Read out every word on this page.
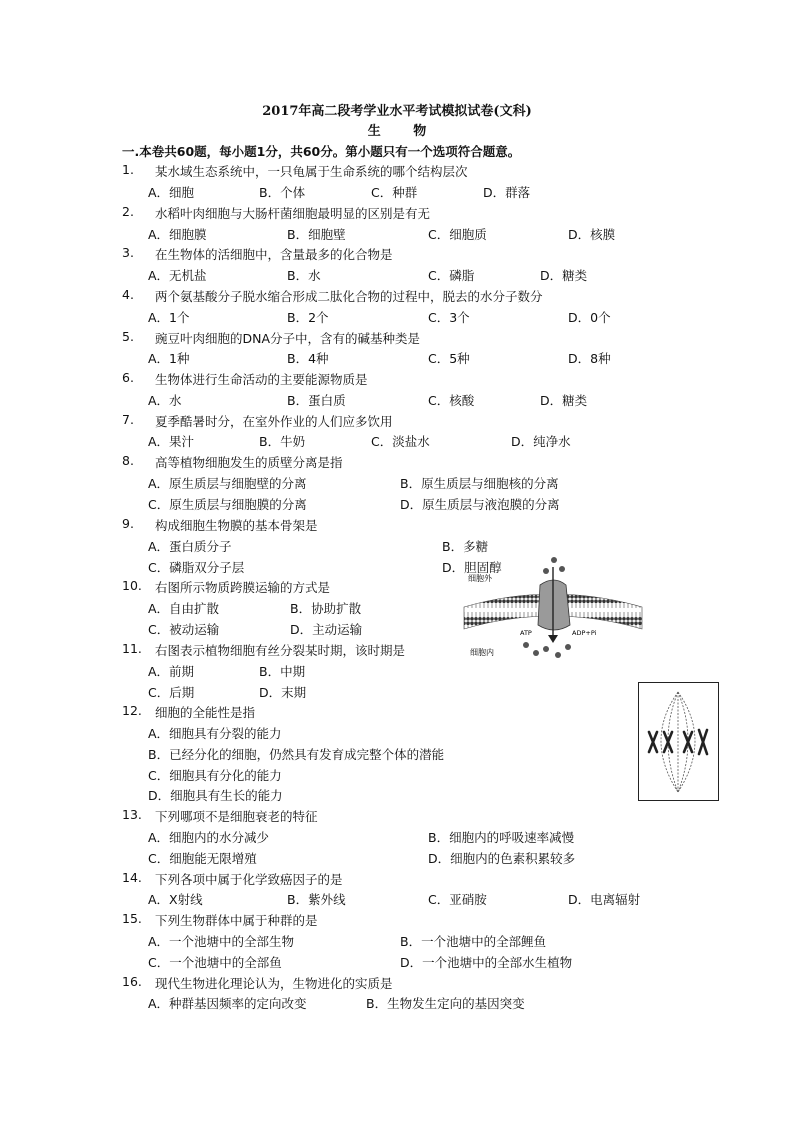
2017年高二段考学业水平考试模拟试卷(文科)
生 物
一.本卷共60题，每小题1分，共60分。第小题只有一个选项符合题意。
1. 某水域生态系统中，一只龟属于生命系统的哪个结构层次
A．细胞	B．个体	C．种群	D．群落
2. 水稻叶肉细胞与大肠杆菌细胞最明显的区别是有无
A．细胞膜	B．细胞壁	C．细胞质	D．核膜
3. 在生物体的活细胞中，含量最多的化合物是
A．无机盐	B．水	C．磷脂	D．糖类
4. 两个氨基酸分子脱水缩合形成二肽化合物的过程中，脱去的水分子数分
A．1个	B．2个	C．3个	D．0个
5. 豌豆叶肉细胞的DNA分子中，含有的碱基种类是
A．1种	B．4种	C．5种	D．8种
6. 生物体进行生命活动的主要能源物质是
A．水	B．蛋白质	C．核酸	D．糖类
7. 夏季酷暑时分，在室外作业的人们应多饮用
A．果汁	B．牛奶	C．淡盐水	D．纯净水
8. 高等植物细胞发生的质壁分离是指
A．原生质层与细胞壁的分离	B．原生质层与细胞核的分离
C．原生质层与细胞膜的分离	D．原生质层与液泡膜的分离
9. 构成细胞生物膜的基本骨架是
A．蛋白质分子	B．多糖
C．磷脂双分子层	D．胆固醇
10. 右图所示物质跨膜运输的方式是
A．自由扩散	B．协助扩散
C．被动运输	D．主动运输
11. 右图表示植物细胞有丝分裂某时期，该时期是
A．前期	B．中期
C．后期	D．末期
12. 细胞的全能性是指
A．细胞具有分裂的能力
B．已经分化的细胞，仍然具有发育成完整个体的潜能
C．细胞具有分化的能力
D．细胞具有生长的能力
13. 下列哪项不是细胞衰老的特征
A．细胞内的水分减少	B．细胞内的呼吸速率减慢
C．细胞能无限增殖	D．细胞内的色素积累较多
14. 下列各项中属于化学致癌因子的是
A．X射线	B．紫外线	C．亚硝胺	D．电离辐射
15. 下列生物群体中属于种群的是
A．一个池塘中的全部生物	B．一个池塘中的全部鲤鱼
C．一个池塘中的全部鱼	D．一个池塘中的全部水生植物
16. 现代生物进化理论认为，生物进化的实质是
A．种群基因频率的定向改变	B．生物发生定向的基因突变
细胞外
细胞内
ATP	ADP+Pi
